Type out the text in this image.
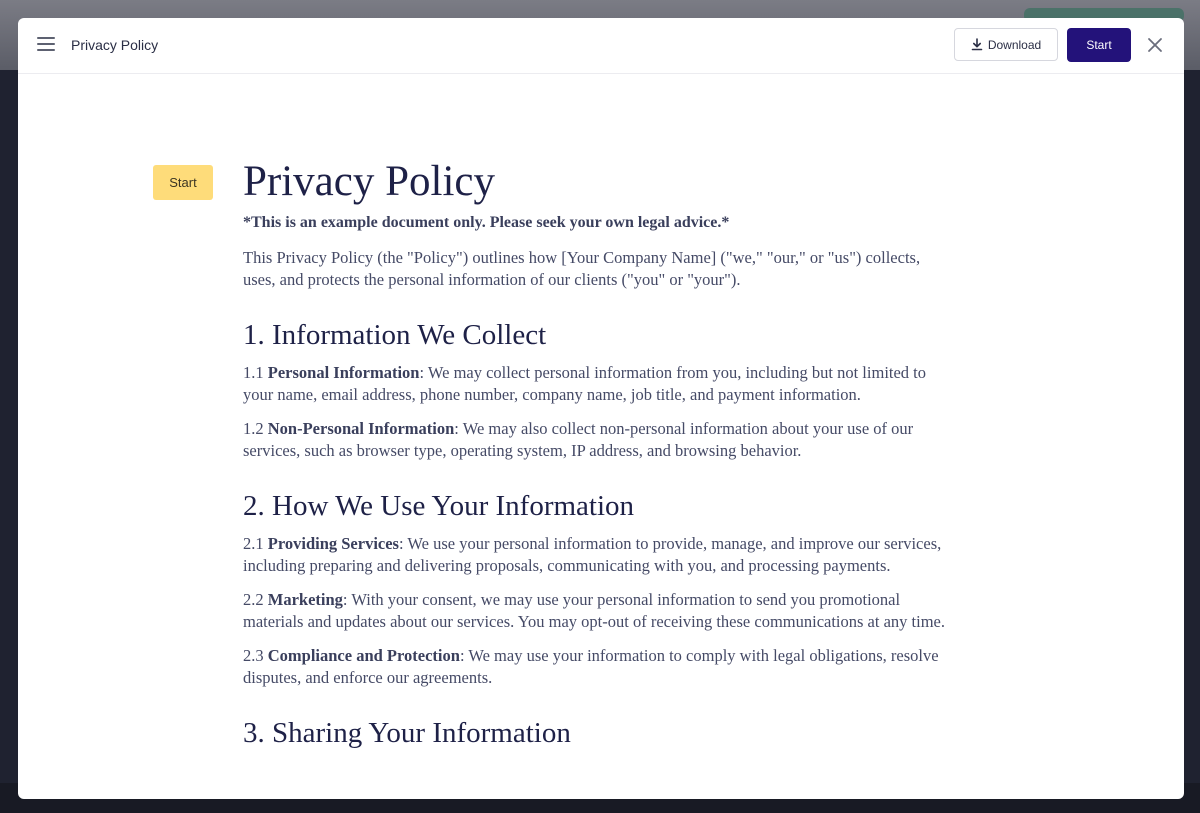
Privacy Policy	Download	Start
Start	Privacy Policy

*This is an example document only. Please seek your own legal advice.*

This Privacy Policy (the "Policy") outlines how [Your Company Name] ("we," "our," or "us") collects, uses, and protects the personal information of our clients ("you" or "your").

1. Information We Collect

1.1 Personal Information: We may collect personal information from you, including but not limited to your name, email address, phone number, company name, job title, and payment information.

1.2 Non-Personal Information: We may also collect non-personal information about your use of our services, such as browser type, operating system, IP address, and browsing behavior.

2. How We Use Your Information

2.1 Providing Services: We use your personal information to provide, manage, and improve our services, including preparing and delivering proposals, communicating with you, and processing payments.

2.2 Marketing: With your consent, we may use your personal information to send you promotional materials and updates about our services. You may opt-out of receiving these communications at any time.

2.3 Compliance and Protection: We may use your information to comply with legal obligations, resolve disputes, and enforce our agreements.

3. Sharing Your Information
